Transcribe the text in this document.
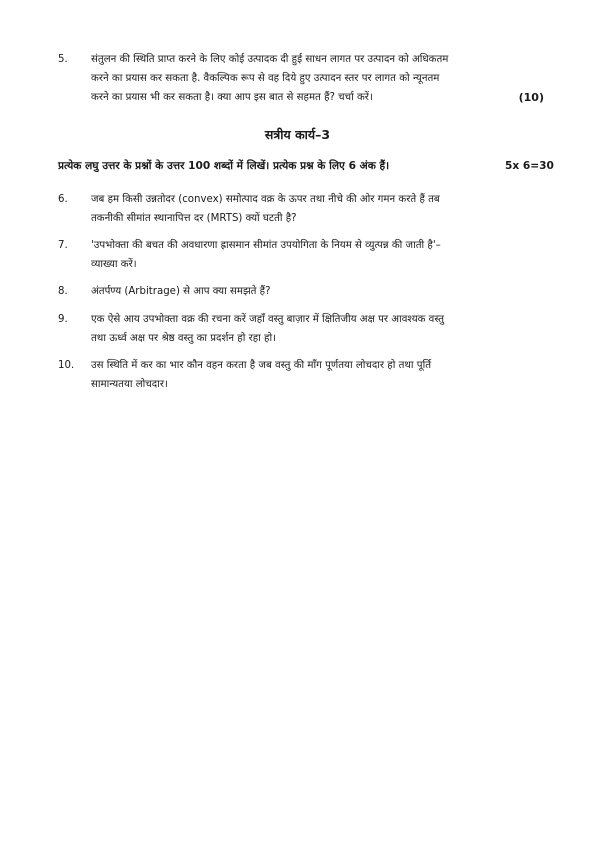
5.	संतुलन की स्थिति प्राप्त करने के लिए कोई उत्पादक दी हुई साधन लागत पर उत्पादन को अधिकतम
करने का प्रयास कर सकता है. वैकल्पिक रूप से वह दिये हुए उत्पादन स्तर पर लागत को न्यूनतम
करने का प्रयास भी कर सकता है। क्या आप इस बात से सहमत हैं? चर्चा करें।	(10)
सत्रीय कार्य–3
प्रत्येक लघु उत्तर के प्रश्नों के उत्तर 100 शब्दों में लिखें। प्रत्येक प्रश्न के लिए 6 अंक हैं।	5x 6=30
6.	जब हम किसी उन्नतोदर (convex) समोत्पाद वक्र के ऊपर तथा नीचे की ओर गमन करते हैं तब
तकनीकी सीमांत स्थानापित्त दर (MRTS) क्यों घटती है?
7.	'उपभोक्ता की बचत की अवधारणा ह्रासमान सीमांत उपयोगिता के नियम से व्युत्पन्न की जाती है'–
व्याख्या करें।
8.	अंतर्पण्य (Arbitrage) से आप क्या समझते हैं?
9.	एक ऐसे आय उपभोक्ता वक्र की रचना करें जहाँ वस्तु बाज़ार में क्षितिजीय अक्ष पर आवश्यक वस्तु
तथा ऊर्ध्व अक्ष पर श्रेष्ठ वस्तु का प्रदर्शन हो रहा हो।
10.	उस स्थिति में कर का भार कौन वहन करता है जब वस्तु की माँग पूर्णतया लोचदार हो तथा पूर्ति
सामान्यतया लोचदार।
